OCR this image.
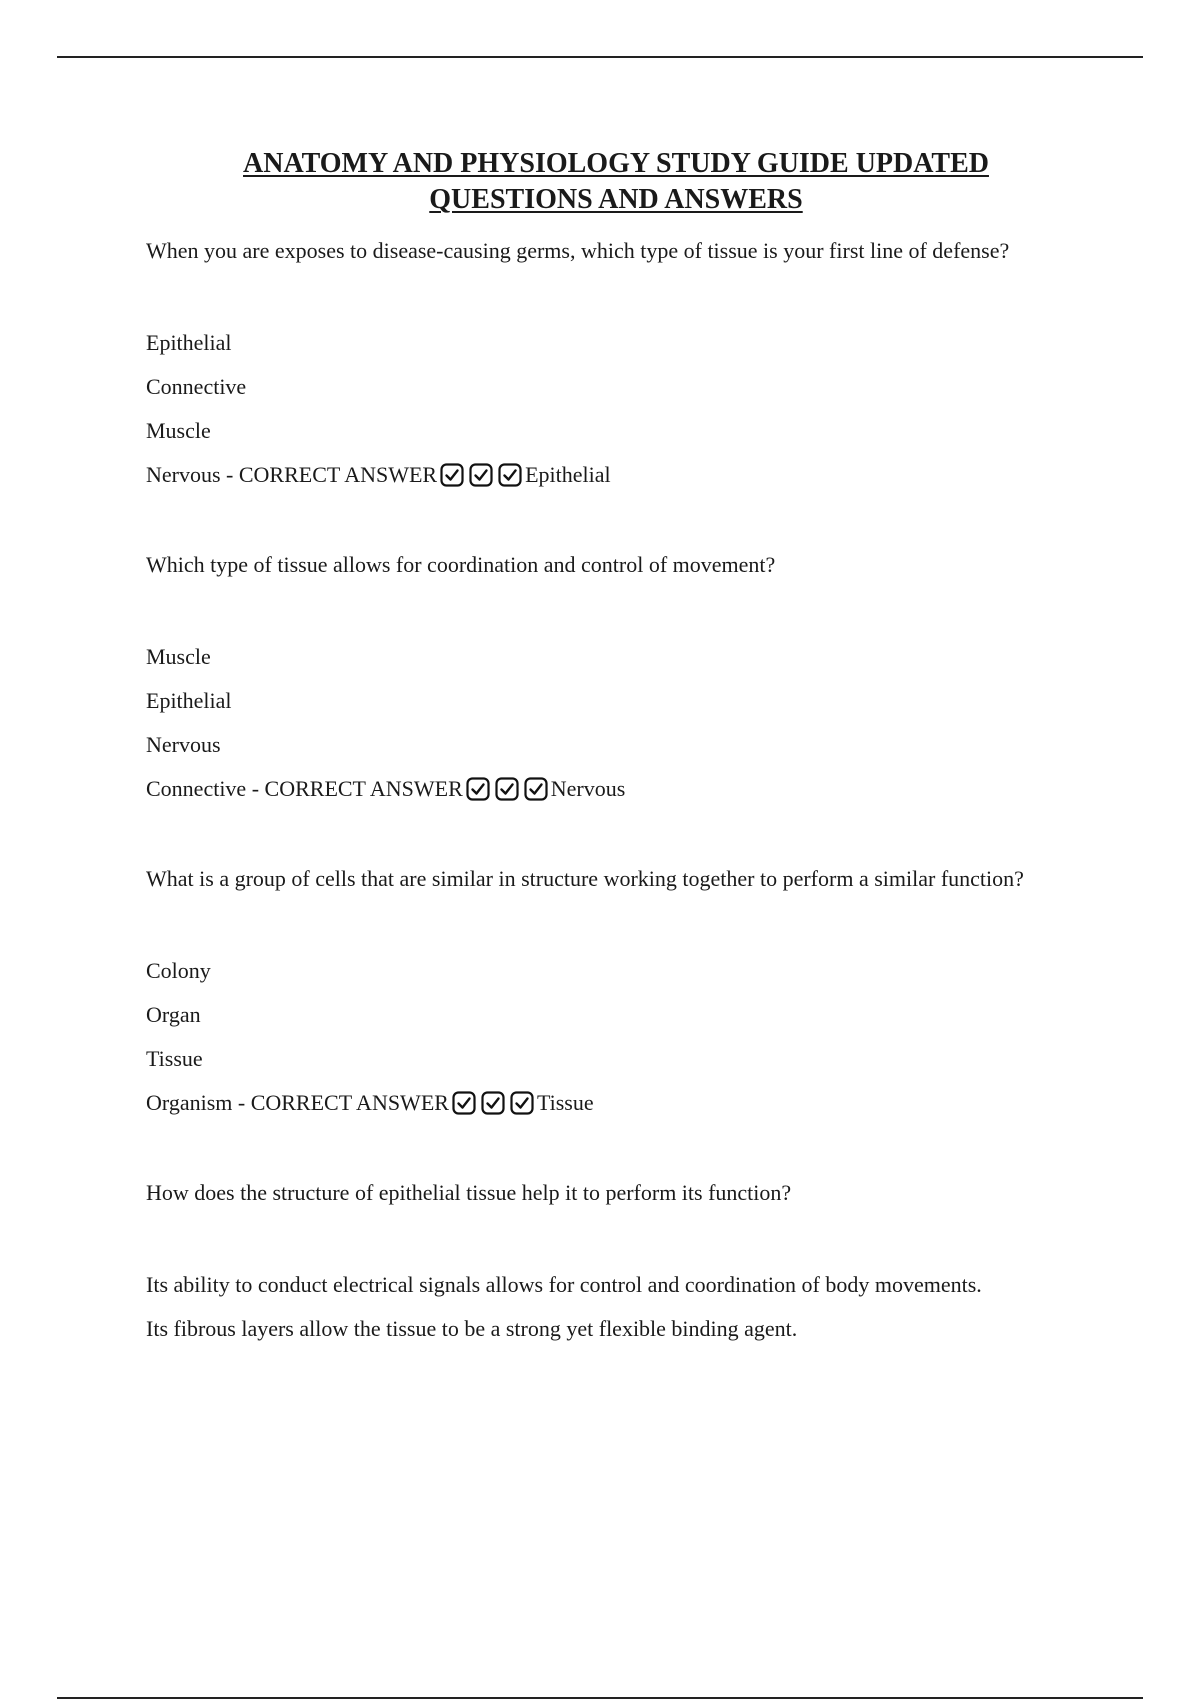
ANATOMY AND PHYSIOLOGY STUDY GUIDE UPDATED
QUESTIONS AND ANSWERS

When you are exposes to disease-causing germs, which type of tissue is your first line of defense?

Epithelial
Connective
Muscle
Nervous - CORRECT ANSWER	Epithelial

Which type of tissue allows for coordination and control of movement?

Muscle
Epithelial
Nervous
Connective - CORRECT ANSWER	Nervous

What is a group of cells that are similar in structure working together to perform a similar function?

Colony
Organ
Tissue
Organism - CORRECT ANSWER	Tissue

How does the structure of epithelial tissue help it to perform its function?

Its ability to conduct electrical signals allows for control and coordination of body movements.
Its fibrous layers allow the tissue to be a strong yet flexible binding agent.
